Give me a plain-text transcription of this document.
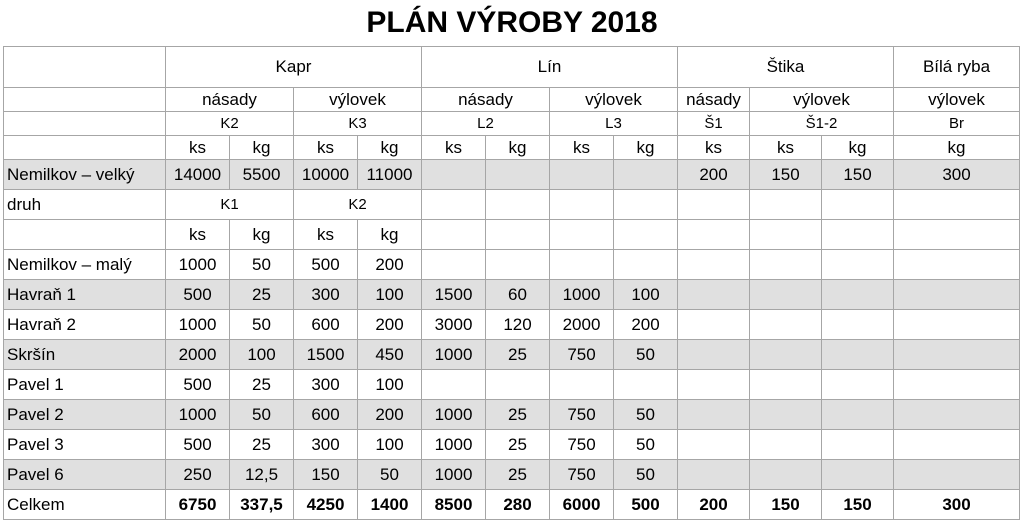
PLÁN VÝROBY 2018
	Kapr				Lín				Štika			Bílá ryba
	násady		výlovek		násady		výlovek		násady	výlovek		výlovek
	K2		K3		L2		L3		Š1	Š1-2		Br
	ks	kg	ks	kg	ks	kg	ks	kg	ks	ks	kg	kg
Nemilkov – velký	14000	5500	10000	11000					200	150	150	300
druh	K1		K2									
	ks	kg	ks	kg								
Nemilkov – malý	1000	50	500	200								
Havraň 1	500	25	300	100	1500	60	1000	100				
Havraň 2	1000	50	600	200	3000	120	2000	200				
Skršín	2000	100	1500	450	1000	25	750	50				
Pavel 1	500	25	300	100								
Pavel 2	1000	50	600	200	1000	25	750	50				
Pavel 3	500	25	300	100	1000	25	750	50				
Pavel 6	250	12,5	150	50	1000	25	750	50				
Celkem	6750	337,5	4250	1400	8500	280	6000	500	200	150	150	300
